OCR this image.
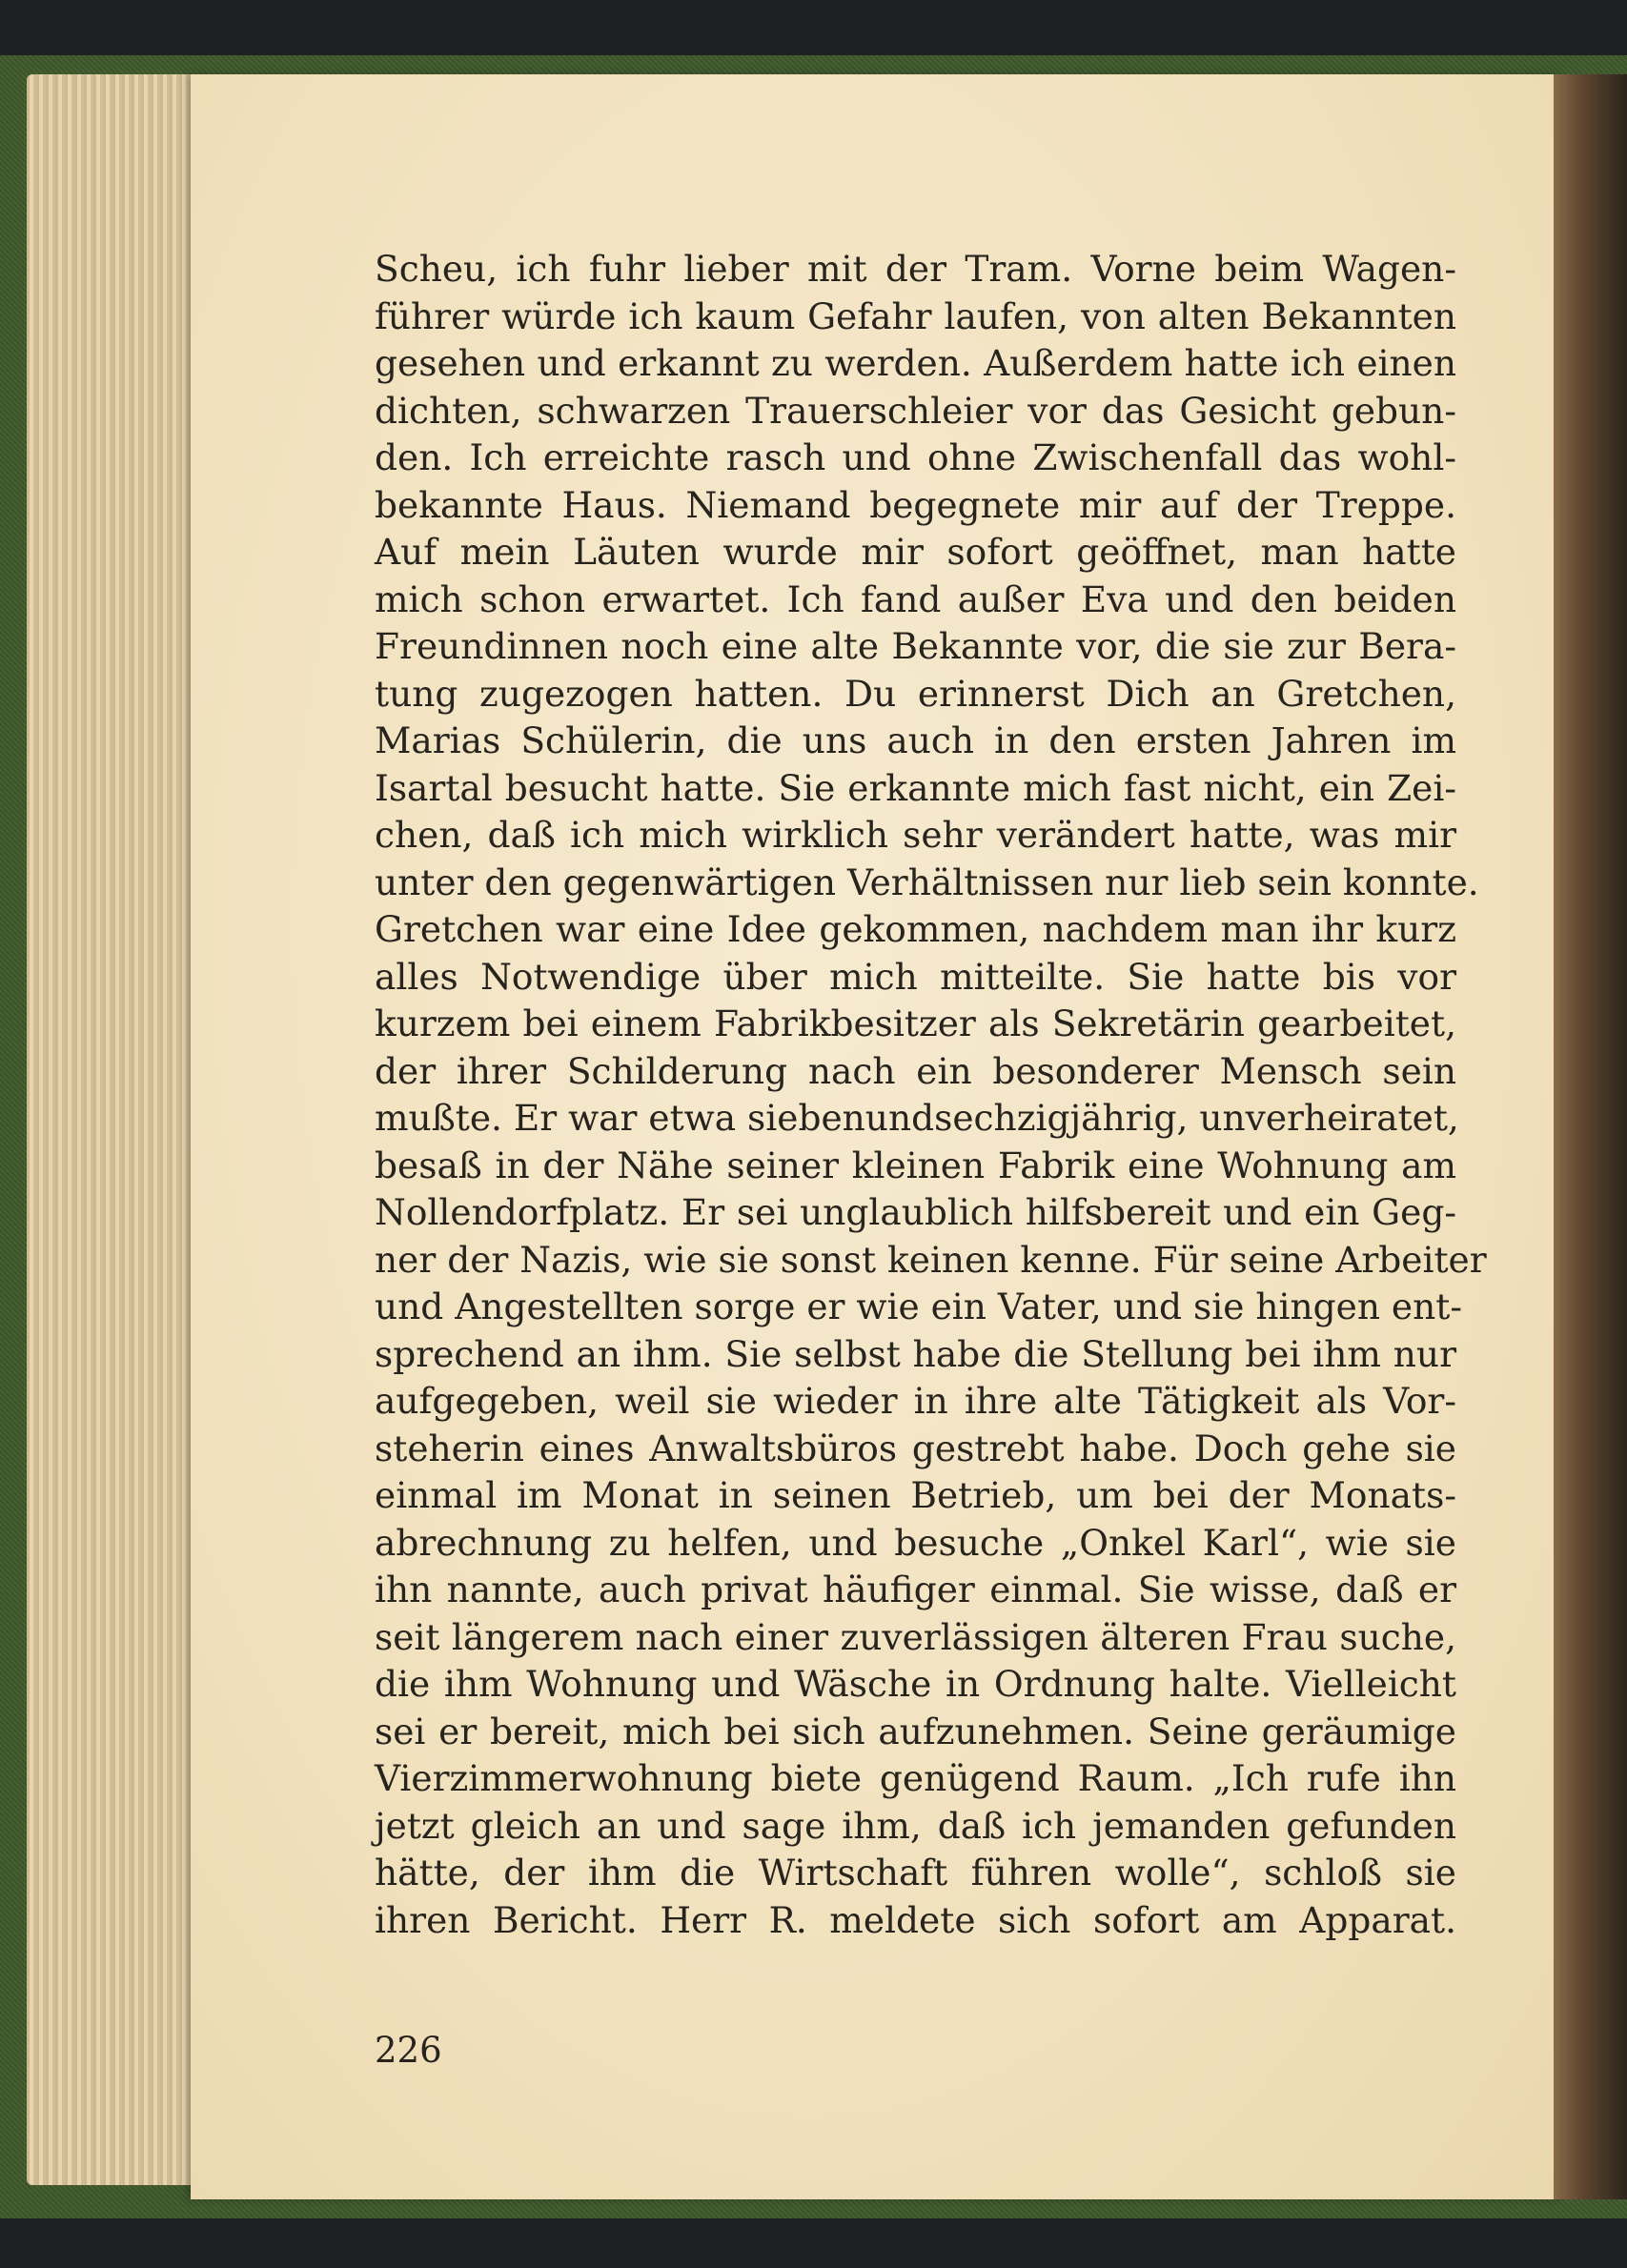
Scheu, ich fuhr lieber mit der Tram. Vorne beim Wagen-
führer würde ich kaum Gefahr laufen, von alten Bekannten
gesehen und erkannt zu werden. Außerdem hatte ich einen
dichten, schwarzen Trauerschleier vor das Gesicht gebun-
den. Ich erreichte rasch und ohne Zwischenfall das wohl-
bekannte Haus. Niemand begegnete mir auf der Treppe.
Auf mein Läuten wurde mir sofort geöffnet, man hatte
mich schon erwartet. Ich fand außer Eva und den beiden
Freundinnen noch eine alte Bekannte vor, die sie zur Bera-
tung zugezogen hatten. Du erinnerst Dich an Gretchen,
Marias Schülerin, die uns auch in den ersten Jahren im
Isartal besucht hatte. Sie erkannte mich fast nicht, ein Zei-
chen, daß ich mich wirklich sehr verändert hatte, was mir
unter den gegenwärtigen Verhältnissen nur lieb sein konnte.
Gretchen war eine Idee gekommen, nachdem man ihr kurz
alles Notwendige über mich mitteilte. Sie hatte bis vor
kurzem bei einem Fabrikbesitzer als Sekretärin gearbeitet,
der ihrer Schilderung nach ein besonderer Mensch sein
mußte. Er war etwa siebenundsechzigjährig, unverheiratet,
besaß in der Nähe seiner kleinen Fabrik eine Wohnung am
Nollendorfplatz. Er sei unglaublich hilfsbereit und ein Geg-
ner der Nazis, wie sie sonst keinen kenne. Für seine Arbeiter
und Angestellten sorge er wie ein Vater, und sie hingen ent-
sprechend an ihm. Sie selbst habe die Stellung bei ihm nur
aufgegeben, weil sie wieder in ihre alte Tätigkeit als Vor-
steherin eines Anwaltsbüros gestrebt habe. Doch gehe sie
einmal im Monat in seinen Betrieb, um bei der Monats-
abrechnung zu helfen, und besuche „Onkel Karl“, wie sie
ihn nannte, auch privat häufiger einmal. Sie wisse, daß er
seit längerem nach einer zuverlässigen älteren Frau suche,
die ihm Wohnung und Wäsche in Ordnung halte. Vielleicht
sei er bereit, mich bei sich aufzunehmen. Seine geräumige
Vierzimmerwohnung biete genügend Raum. „Ich rufe ihn
jetzt gleich an und sage ihm, daß ich jemanden gefunden
hätte, der ihm die Wirtschaft führen wolle“, schloß sie
ihren Bericht. Herr R. meldete sich sofort am Apparat.

226
